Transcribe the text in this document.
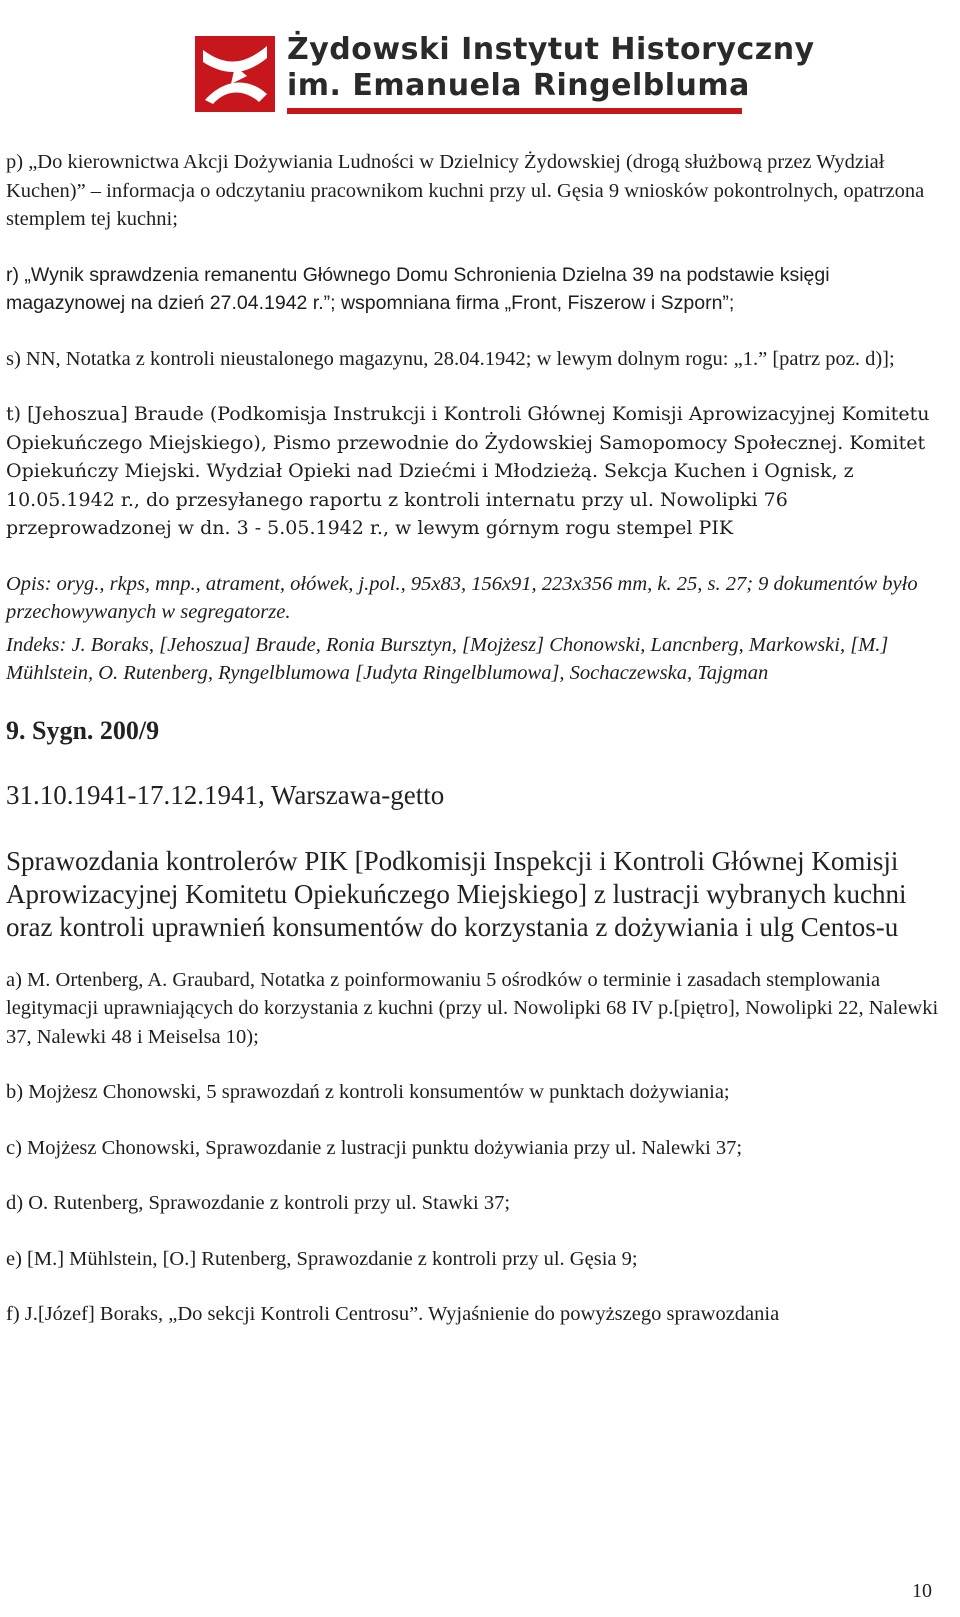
Żydowski Instytut Historyczny
im. Emanuela Ringelbluma

p) „Do kierownictwa Akcji Dożywiania Ludności w Dzielnicy Żydowskiej (drogą służbową przez Wydział Kuchen)” – informacja o odczytaniu pracownikom kuchni przy ul. Gęsia 9 wniosków pokontrolnych, opatrzona stemplem tej kuchni;

r) „Wynik sprawdzenia remanentu Głównego Domu Schronienia Dzielna 39 na podstawie księgi magazynowej na dzień 27.04.1942 r.”; wspomniana firma „Front, Fiszerow i Szporn”;

s) NN, Notatka z kontroli nieustalonego magazynu, 28.04.1942; w lewym dolnym rogu: „1.” [patrz poz. d)];

t) [Jehoszua] Braude (Podkomisja Instrukcji i Kontroli Głównej Komisji Aprowizacyjnej Komitetu Opiekuńczego Miejskiego), Pismo przewodnie do Żydowskiej Samopomocy Społecznej. Komitet Opiekuńczy Miejski. Wydział Opieki nad Dziećmi i Młodzieżą. Sekcja Kuchen i Ognisk, z 10.05.1942 r., do przesyłanego raportu z kontroli internatu przy ul. Nowolipki 76 przeprowadzonej w dn. 3 - 5.05.1942 r., w lewym górnym rogu stempel PIK

Opis: oryg., rkps, mnp., atrament, ołówek, j.pol., 95x83, 156x91, 223x356 mm, k. 25, s. 27; 9 dokumentów było przechowywanych w segregatorze.

Indeks: J. Boraks, [Jehoszua] Braude, Ronia Bursztyn, [Mojżesz] Chonowski, Lancnberg, Markowski, [M.] Mühlstein, O. Rutenberg, Ryngelblumowa [Judyta Ringelblumowa], Sochaczewska, Tajgman

9. Sygn. 200/9
31.10.1941-17.12.1941, Warszawa-getto
Sprawozdania kontrolerów PIK [Podkomisji Inspekcji i Kontroli Głównej Komisji Aprowizacyjnej Komitetu Opiekuńczego Miejskiego] z lustracji wybranych kuchni oraz kontroli uprawnień konsumentów do korzystania z dożywiania i ulg Centos-u

a) M. Ortenberg, A. Graubard, Notatka z poinformowaniu 5 ośrodków o terminie i zasadach stemplowania legitymacji uprawniających do korzystania z kuchni (przy ul. Nowolipki 68 IV p.[piętro], Nowolipki 22, Nalewki 37, Nalewki 48 i Meiselsa 10);

b) Mojżesz Chonowski, 5 sprawozdań z kontroli konsumentów w punktach dożywiania;

c) Mojżesz Chonowski, Sprawozdanie z lustracji punktu dożywiania przy ul. Nalewki 37;

d) O. Rutenberg, Sprawozdanie z kontroli przy ul. Stawki 37;

e) [M.] Mühlstein, [O.] Rutenberg, Sprawozdanie z kontroli przy ul. Gęsia 9;

f) J.[Józef] Boraks, „Do sekcji Kontroli Centrosu”. Wyjaśnienie do powyższego sprawozdania

10
